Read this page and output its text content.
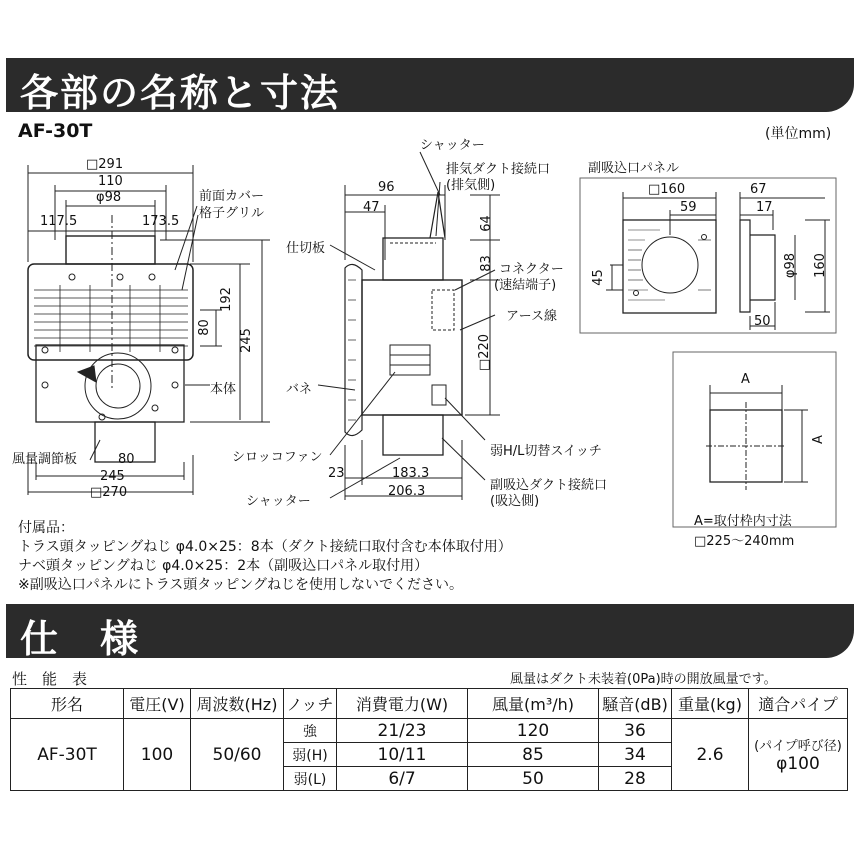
各部の名称と寸法
AF-30T	(単位mm)
□291
110
φ98
117.5	173.5
前面カバー
格子グリル
192
80
245
本体
風量調節板	80
245
□270
シャッター
排気ダクト接続口
(排気側)
96
47
64
仕切板
83 コネクター
(速結端子)
アース線
□220
バネ
シロッコファン	弱H/L切替スイッチ
23	183.3
副吸込ダクト接続口
(吸込側)
206.3
シャッター
副吸込口パネル
□160
59
45
67
17
φ98 160
50
A
A
A=取付枠内寸法
□225〜240mm
付属品：
トラス頭タッピングねじ φ4.0×25：8本（ダクト接続口取付含む本体取付用）
ナベ頭タッピングねじ φ4.0×25：2本（副吸込口パネル取付用）
※副吸込口パネルにトラス頭タッピングねじを使用しないでください。
仕　様
性　能　表	風量はダクト未装着(0Pa)時の開放風量です。
形名	電圧(V)	周波数(Hz)	ノッチ	消費電力(W)	風量(m³/h)	騒音(dB)	重量(kg)	適合パイプ
AF-30T	100	50/60	強	21/23	120	36	2.6	(パイプ呼び径)
φ100

			弱(H)	10/11	85	34		
			弱(L)	6/7	50	28		
